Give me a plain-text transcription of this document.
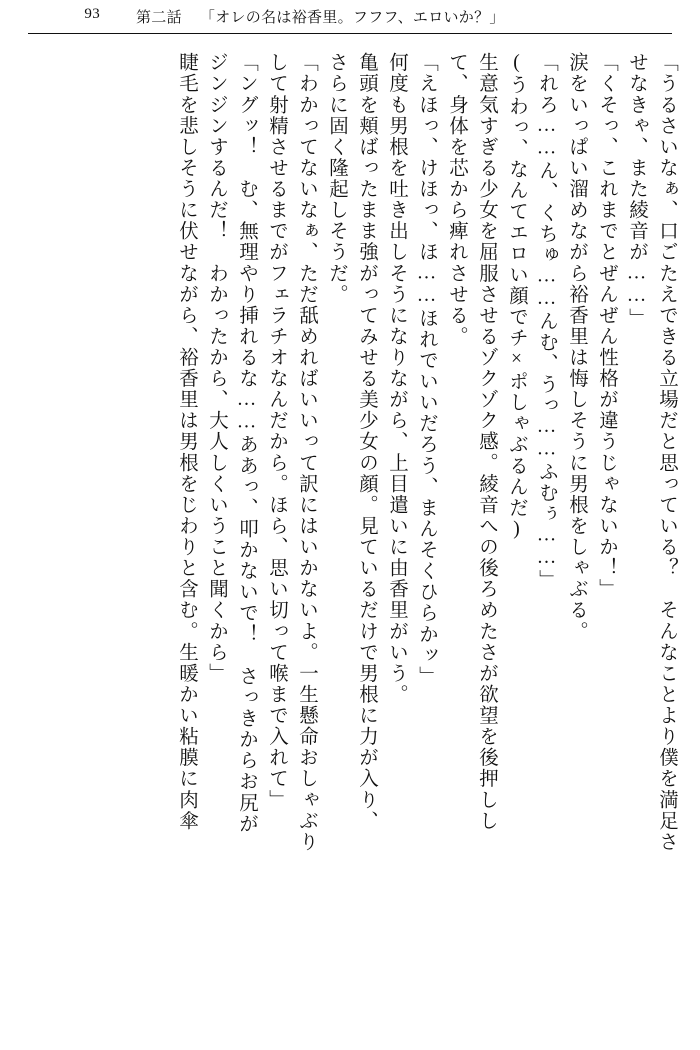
93 第二話 「オレの名は裕香里。フフフ、エロいか？」
「うるさいなぁ、口ごたえできる立場だと思っている？　そんなことより僕を満足さ
せなきゃ、また綾音が……」
「くそっ、これまでとぜんぜん性格が違うじゃないか！」
涙をいっぱい溜めながら裕香里は悔しそうに男根をしゃぶる。
「れろ……ん、くちゅ……んむ、うっ……ふむぅ……」
(うわっ、なんてエロい顔でチ×ポしゃぶるんだ)
生意気すぎる少女を屈服させるゾクゾク感。綾音への後ろめたさが欲望を後押しし
て、身体を芯から痺れさせる。
「えほっ、けほっ、ほ……ほれでいいだろう、まんそくひらかッ」
何度も男根を吐き出しそうになりながら、上目遣いに由香里がいう。
亀頭を頬ばったまま強がってみせる美少女の顔。見ているだけで男根に力が入り、
さらに固く隆起しそうだ。
「わかってないなぁ、ただ舐めればいいって訳にはいかないよ。一生懸命おしゃぶり
して射精させるまでがフェラチオなんだから。ほら、思い切って喉まで入れて」
「ングッ！　む、無理やり挿れるな……ああっ、叩かないで！　さっきからお尻が
ジンジンするんだ！　わかったから、大人しくいうこと聞くから」
睫毛を悲しそうに伏せながら、裕香里は男根をじわりと含む。生暖かい粘膜に肉傘
